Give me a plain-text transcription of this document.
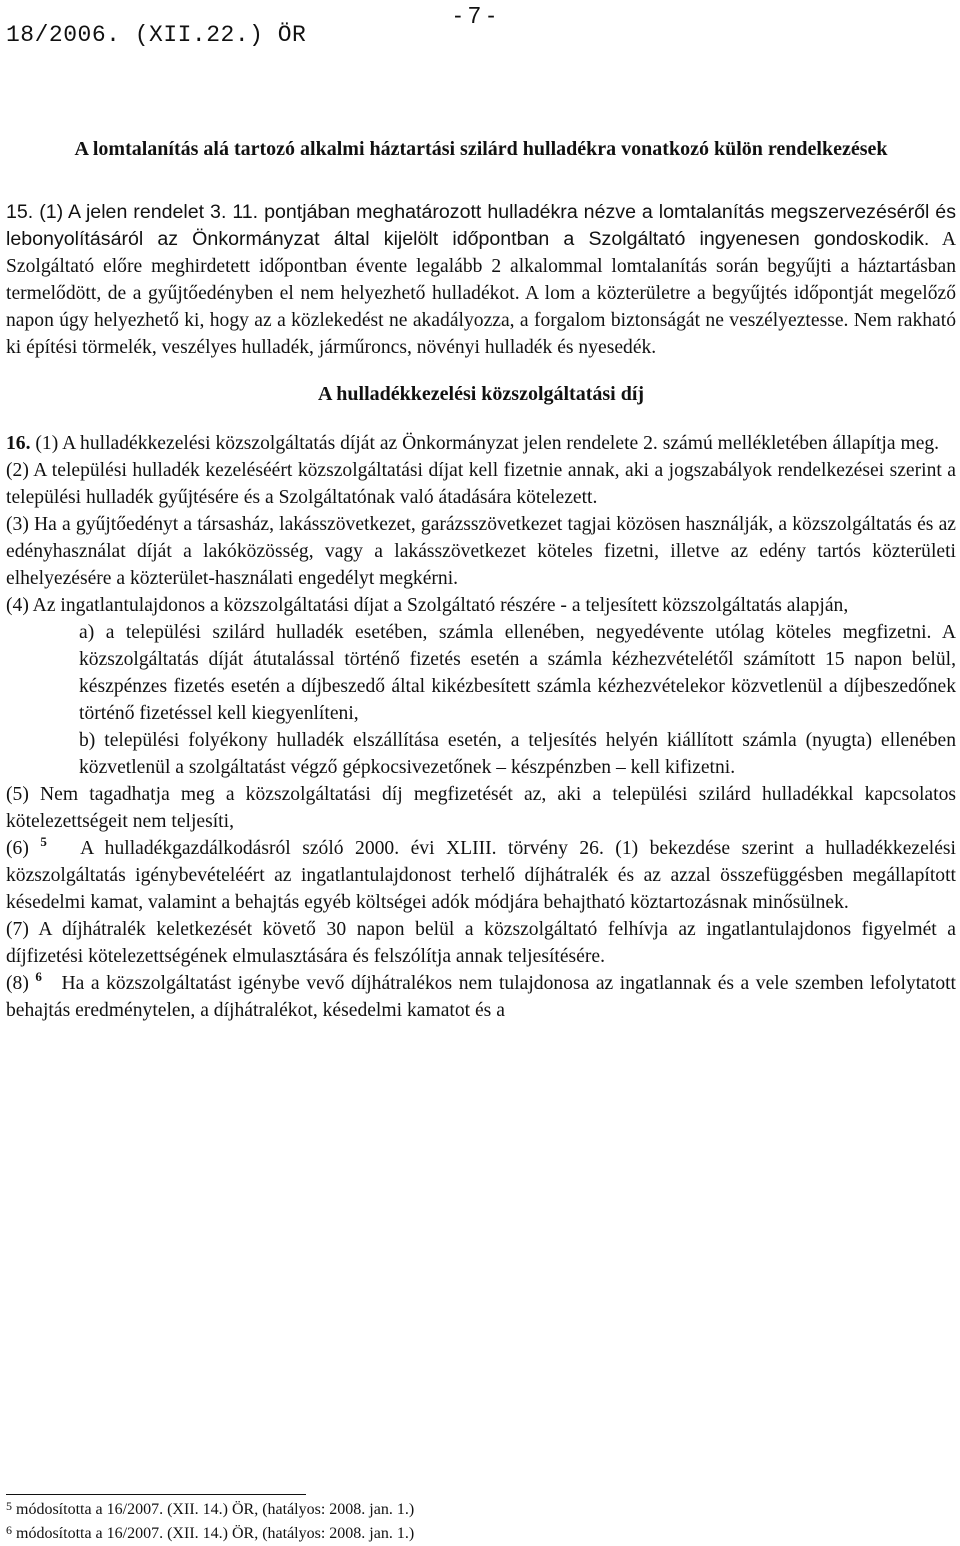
18/2006. (XII.22.) ÖR
- 7 -

A lomtalanítás alá tartozó alkalmi háztartási szilárd hulladékra vonatkozó külön rendelkezések

15. (1) A jelen rendelet 3. 11. pontjában meghatározott hulladékra nézve a lomtalanítás megszervezéséről és lebonyolításáról az Önkormányzat által kijelölt időpontban a Szolgáltató ingyenesen gondoskodik. A Szolgáltató előre meghirdetett időpontban évente legalább 2 alkalommal lomtalanítás során begyűjti a háztartásban termelődött, de a gyűjtőedényben el nem helyezhető hulladékot. A lom a közterületre a begyűjtés időpontját megelőző napon úgy helyezhető ki, hogy az a közlekedést ne akadályozza, a forgalom biztonságát ne veszélyeztesse. Nem rakható ki építési törmelék, veszélyes hulladék, járműroncs, növényi hulladék és nyesedék.

A hulladékkezelési közszolgáltatási díj

16. (1) A hulladékkezelési közszolgáltatás díját az Önkormányzat jelen rendelete 2. számú mellékletében állapítja meg.

(2) A települési hulladék kezeléséért közszolgáltatási díjat kell fizetnie annak, aki a jogszabályok rendelkezései szerint a települési hulladék gyűjtésére és a Szolgáltatónak való átadására kötelezett.

(3) Ha a gyűjtőedényt a társasház, lakásszövetkezet, garázsszövetkezet tagjai közösen használják, a közszolgáltatás és az edényhasználat díját a lakóközösség, vagy a lakásszövetkezet köteles fizetni, illetve az edény tartós közterületi elhelyezésére a közterület-használati engedélyt megkérni.

(4) Az ingatlantulajdonos a közszolgáltatási díjat a Szolgáltató részére - a teljesített közszolgáltatás alapján,

a) a települési szilárd hulladék esetében, számla ellenében, negyedévente utólag köteles megfizetni. A közszolgáltatás díját átutalással történő fizetés esetén a számla kézhezvételétől számított 15 napon belül, készpénzes fizetés esetén a díjbeszedő által kikézbesített számla kézhezvételekor közvetlenül a díjbeszedőnek történő fizetéssel kell kiegyenlíteni,

b) települési folyékony hulladék elszállítása esetén, a teljesítés helyén kiállított számla (nyugta) ellenében közvetlenül a szolgáltatást végző gépkocsivezetőnek – készpénzben – kell kifizetni.

(5) Nem tagadhatja meg a közszolgáltatási díj megfizetését az, aki a települési szilárd hulladékkal kapcsolatos kötelezettségeit nem teljesíti,

(6) $^5$ A hulladékgazdálkodásról szóló 2000. évi XLIII. törvény 26. (1) bekezdése szerint a hulladékkezelési közszolgáltatás igénybevételéért az ingatlantulajdonost terhelő díjhátralék és az azzal összefüggésben megállapított késedelmi kamat, valamint a behajtás egyéb költségei adók módjára behajtható köztartozásnak minősülnek.

(7) A díjhátralék keletkezését követő 30 napon belül a közszolgáltató felhívja az ingatlantulajdonos figyelmét a díjfizetési kötelezettségének elmulasztására és felszólítja annak teljesítésére.

(8) $^6$ Ha a közszolgáltatást igénybe vevő díjhátralékos nem tulajdonosa az ingatlannak és a vele szemben lefolytatott behajtás eredménytelen, a díjhátralékot, késedelmi kamatot és a

$^5$ módosította a 16/2007. (XII. 14.) ÖR, (hatályos: 2008. jan. 1.)
$^6$ módosította a 16/2007. (XII. 14.) ÖR, (hatályos: 2008. jan. 1.)
